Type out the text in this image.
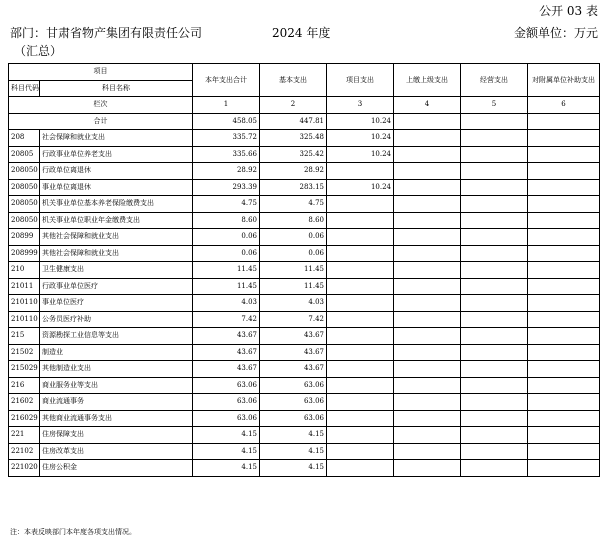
公开 03 表
部门：甘肃省物产集团有限责任公司	2024 年度	金额单位：万元
（汇总）
项目		本年支出合计	基本支出	项目支出	上缴上级支出	经营支出	对附属单位补助支出
科目代码	科目名称						
栏次		1	2	3	4	5	6
合计		458.05	447.81	10.24			
208	社会保障和就业支出	335.72	325.48	10.24			
20805	行政事业单位养老支出	335.66	325.42	10.24			
208050	行政单位离退休	28.92	28.92				
208050	事业单位离退休	293.39	283.15	10.24			
208050	机关事业单位基本养老保险缴费支出	4.75	4.75				
208050	机关事业单位职业年金缴费支出	8.60	8.60				
20899	其他社会保障和就业支出	0.06	0.06				
208999	其他社会保障和就业支出	0.06	0.06				
210	卫生健康支出	11.45	11.45				
21011	行政事业单位医疗	11.45	11.45				
210110	事业单位医疗	4.03	4.03				
210110	公务员医疗补助	7.42	7.42				
215	资源勘探工业信息等支出	43.67	43.67				
21502	制造业	43.67	43.67				
215029	其他制造业支出	43.67	43.67				
216	商业服务业等支出	63.06	63.06				
21602	商业流通事务	63.06	63.06				
216029	其他商业流通事务支出	63.06	63.06				
221	住房保障支出	4.15	4.15				
22102	住房改革支出	4.15	4.15				
221020	住房公积金	4.15	4.15				
注：本表反映部门本年度各项支出情况。
